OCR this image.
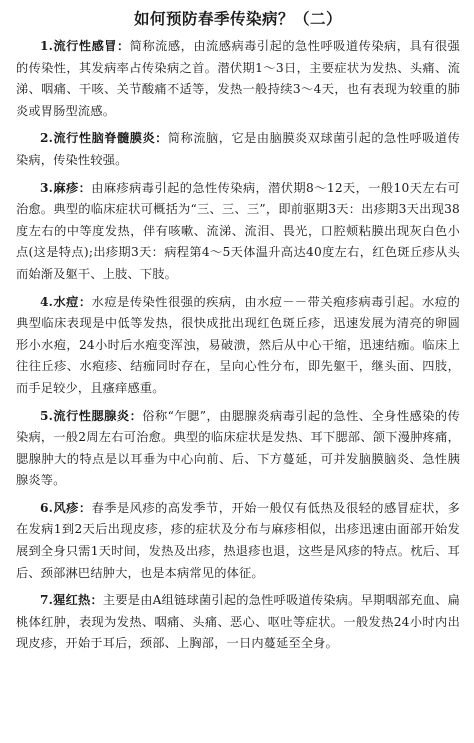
如何预防春季传染病？（二）

1.流行性感冒：简称流感，由流感病毒引起的急性呼吸道传染病，具有很强的传染性，其发病率占传染病之首。潜伏期1～3日，主要症状为发热、头痛、流涕、咽痛、干咳、关节酸痛不适等，发热一般持续3～4天，也有表现为较重的肺炎或胃肠型流感。

2.流行性脑脊髓膜炎：简称流脑，它是由脑膜炎双球菌引起的急性呼吸道传染病，传染性较强。

3.麻疹：由麻疹病毒引起的急性传染病，潜伏期8～12天，一般10天左右可治愈。典型的临床症状可概括为“三、三、三”，即前驱期3天：出疹期3天出现38度左右的中等度发热，伴有咳嗽、流涕、流泪、畏光，口腔颊粘膜出现灰白色小点(这是特点);出疹期3天：病程第4～5天体温升高达40度左右，红色斑丘疹从头而始渐及躯干、上肢、下肢。

4.水痘：水痘是传染性很强的疾病，由水痘－－带关疱疹病毒引起。水痘的典型临床表现是中低等发热，很快成批出现红色斑丘疹，迅速发展为清亮的卵圆形小水疱，24小时后水疱变浑浊，易破溃，然后从中心干缩，迅速结痂。临床上往往丘疹、水疱疹、结痂同时存在，呈向心性分布，即先躯干，继头面、四肢，而手足较少，且瘙痒感重。

5.流行性腮腺炎：俗称“乍腮”，由腮腺炎病毒引起的急性、全身性感染的传染病，一般2周左右可治愈。典型的临床症状是发热、耳下腮部、颌下漫肿疼痛，腮腺肿大的特点是以耳垂为中心向前、后、下方蔓延，可并发脑膜脑炎、急性胰腺炎等。

6.风疹：春季是风疹的高发季节，开始一般仅有低热及很轻的感冒症状，多在发病1到2天后出现皮疹，疹的症状及分布与麻疹相似，出疹迅速由面部开始发展到全身只需1天时间，发热及出疹，热退疹也退，这些是风疹的特点。枕后、耳后、颈部淋巴结肿大，也是本病常见的体征。

7.猩红热：主要是由A组链球菌引起的急性呼吸道传染病。早期咽部充血、扁桃体红肿，表现为发热、咽痛、头痛、恶心、呕吐等症状。一般发热24小时内出现皮疹，开始于耳后，颈部、上胸部，一日内蔓延至全身。
